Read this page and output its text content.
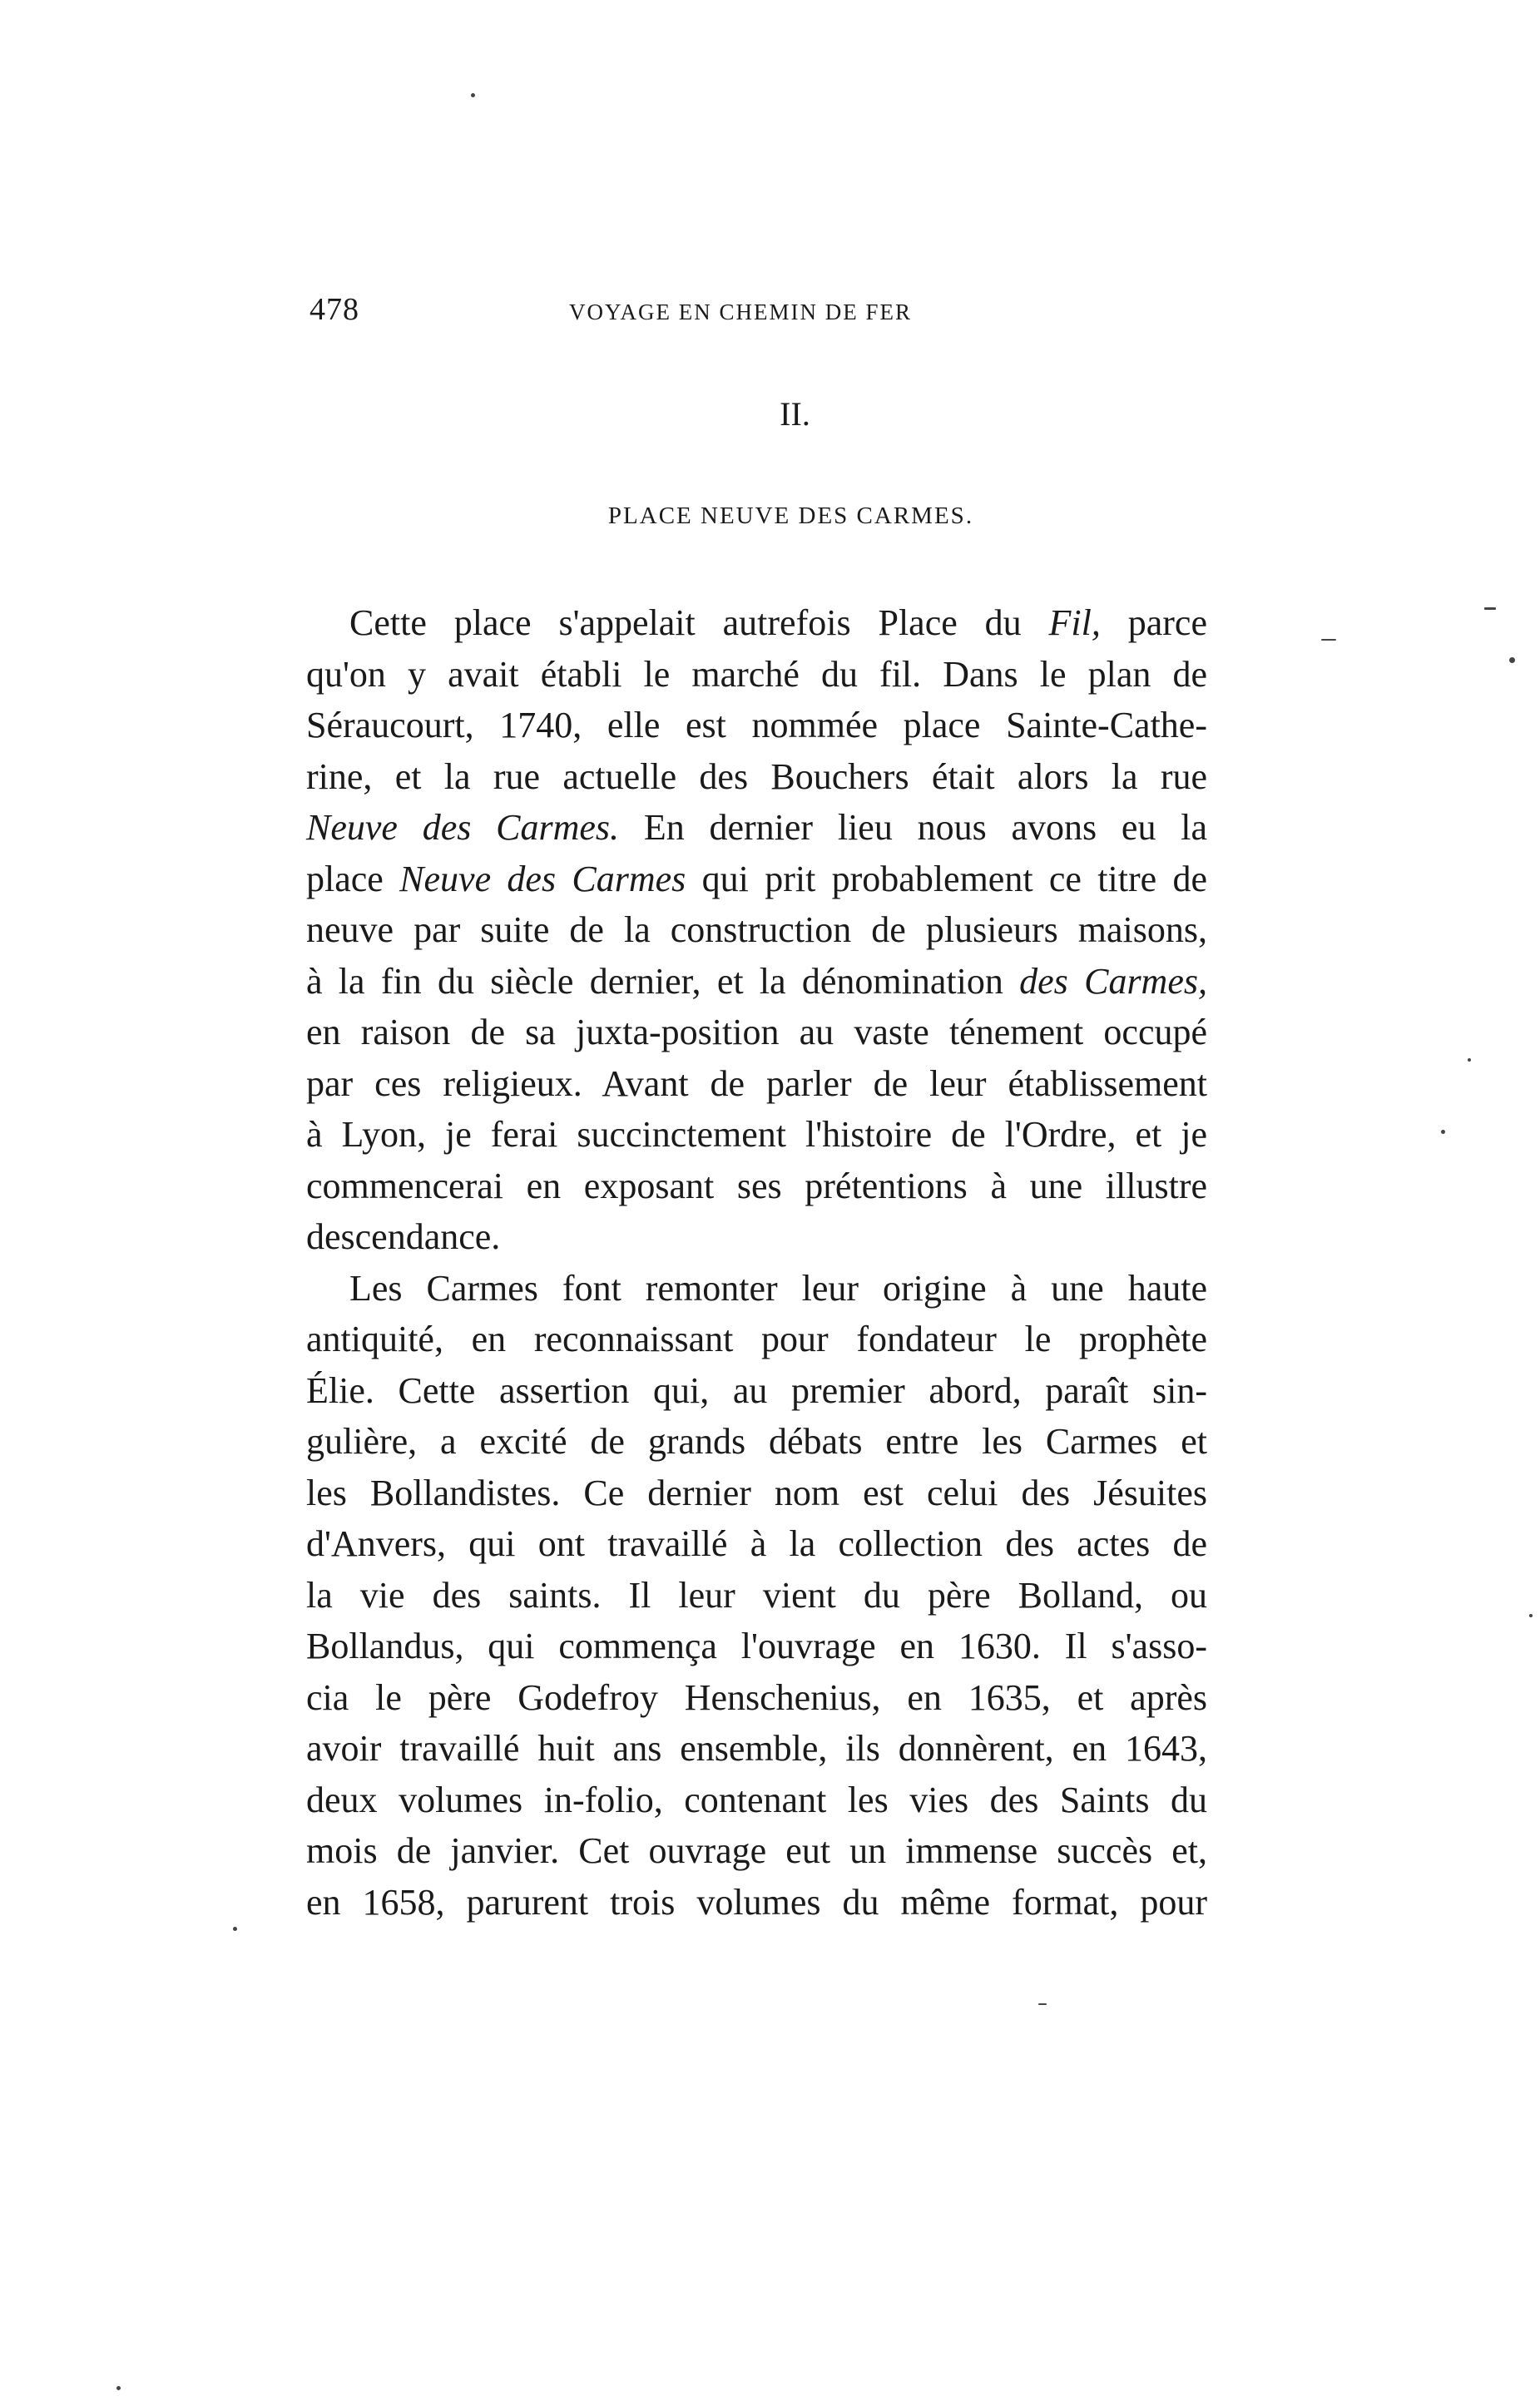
478	VOYAGE EN CHEMIN DE FER
II.
PLACE NEUVE DES CARMES.
Cette place s'appelait autrefois Place du Fil, parce
qu'on y avait établi le marché du fil. Dans le plan de
Séraucourt, 1740, elle est nommée place Sainte-Cathe-
rine, et la rue actuelle des Bouchers était alors la rue
Neuve des Carmes. En dernier lieu nous avons eu la
place Neuve des Carmes qui prit probablement ce titre de
neuve par suite de la construction de plusieurs maisons,
à la fin du siècle dernier, et la dénomination des Carmes,
en raison de sa juxta-position au vaste ténement occupé
par ces religieux. Avant de parler de leur établissement
à Lyon, je ferai succinctement l'histoire de l'Ordre, et je
commencerai en exposant ses prétentions à une illustre
descendance.
Les Carmes font remonter leur origine à une haute
antiquité, en reconnaissant pour fondateur le prophète
Élie. Cette assertion qui, au premier abord, paraît sin-
gulière, a excité de grands débats entre les Carmes et
les Bollandistes. Ce dernier nom est celui des Jésuites
d'Anvers, qui ont travaillé à la collection des actes de
la vie des saints. Il leur vient du père Bolland, ou
Bollandus, qui commença l'ouvrage en 1630. Il s'asso-
cia le père Godefroy Henschenius, en 1635, et après
avoir travaillé huit ans ensemble, ils donnèrent, en 1643,
deux volumes in-folio, contenant les vies des Saints du
mois de janvier. Cet ouvrage eut un immense succès et,
en 1658, parurent trois volumes du même format, pour
